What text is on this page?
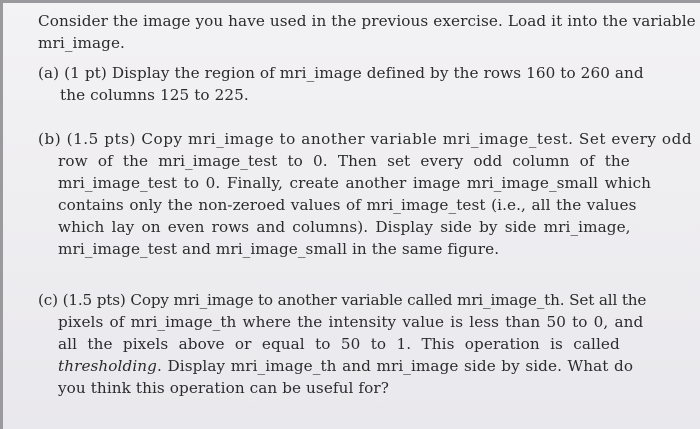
Consider the image you have used in the previous exercise. Load it into the variable
mri_image.
(a) (1 pt) Display the region of mri_image defined by the rows 160 to 260 and
the columns 125 to 225.
(b) (1.5 pts) Copy mri_image to another variable mri_image_test. Set every odd
row of the mri_image_test to 0. Then set every odd column of the
mri_image_test to 0. Finally, create another image mri_image_small which
contains only the non-zeroed values of mri_image_test (i.e., all the values
which lay on even rows and columns). Display side by side mri_image,
mri_image_test and mri_image_small in the same figure.
(c) (1.5 pts) Copy mri_image to another variable called mri_image_th. Set all the
pixels of mri_image_th where the intensity value is less than 50 to 0, and
all the pixels above or equal to 50 to 1. This operation is called
thresholding. Display mri_image_th and mri_image side by side. What do
you think this operation can be useful for?
